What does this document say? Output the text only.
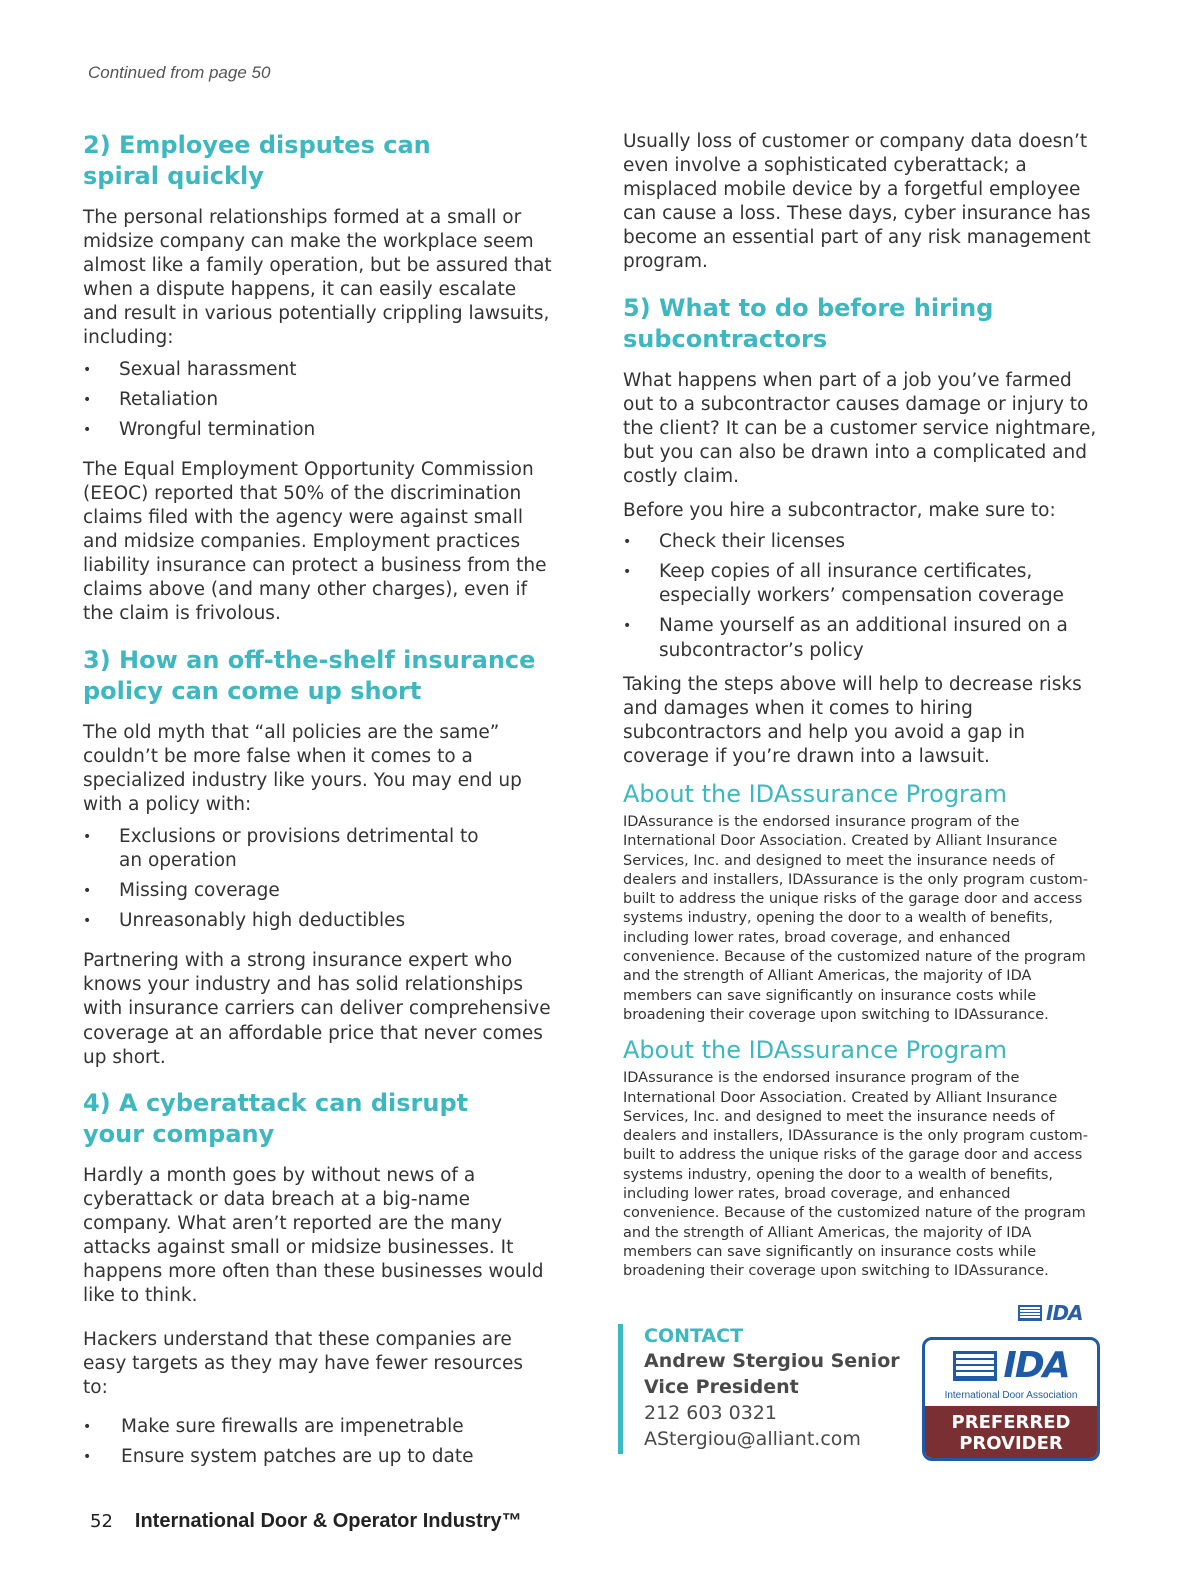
Continued from page 50
2) Employee disputes can
spiral quickly

The personal relationships formed at a small or midsize company can make the workplace seem almost like a family operation, but be assured that when a dispute happens, it can easily escalate and result in various potentially crippling lawsuits, including:

• Sexual harassment
• Retaliation
• Wrongful termination

The Equal Employment Opportunity Commission (EEOC) reported that 50% of the discrimination claims filed with the agency were against small and midsize companies. Employment practices liability insurance can protect a business from the claims above (and many other charges), even if the claim is frivolous.

3) How an off-the-shelf insurance
policy can come up short

The old myth that “all policies are the same” couldn’t be more false when it comes to a specialized industry like yours. You may end up with a policy with:

• Exclusions or provisions detrimental to an operation
• Missing coverage
• Unreasonably high deductibles

Partnering with a strong insurance expert who knows your industry and has solid relationships with insurance carriers can deliver comprehensive coverage at an affordable price that never comes up short.

4) A cyberattack can disrupt
your company

Hardly a month goes by without news of a cyberattack or data breach at a big-name company. What aren’t reported are the many attacks against small or midsize businesses. It happens more often than these businesses would like to think.

Hackers understand that these companies are easy targets as they may have fewer resources to:

• Make sure firewalls are impenetrable
• Ensure system patches are up to date

Usually loss of customer or company data doesn’t even involve a sophisticated cyberattack; a misplaced mobile device by a forgetful employee can cause a loss. These days, cyber insurance has become an essential part of any risk management program.

5) What to do before hiring
subcontractors

What happens when part of a job you’ve farmed out to a subcontractor causes damage or injury to the client? It can be a customer service nightmare, but you can also be drawn into a complicated and costly claim.

Before you hire a subcontractor, make sure to:

• Check their licenses
• Keep copies of all insurance certificates, especially workers’ compensation coverage
• Name yourself as an additional insured on a subcontractor’s policy

Taking the steps above will help to decrease risks and damages when it comes to hiring subcontractors and help you avoid a gap in coverage if you’re drawn into a lawsuit.

About the IDAssurance Program

IDAssurance is the endorsed insurance program of the International Door Association. Created by Alliant Insurance Services, Inc. and designed to meet the insurance needs of dealers and installers, IDAssurance is the only program custom-built to address the unique risks of the garage door and access systems industry, opening the door to a wealth of benefits, including lower rates, broad coverage, and enhanced convenience. Because of the customized nature of the program and the strength of Alliant Americas, the majority of IDA members can save significantly on insurance costs while broadening their coverage upon switching to IDAssurance.

About the IDAssurance Program

IDAssurance is the endorsed insurance program of the International Door Association. Created by Alliant Insurance Services, Inc. and designed to meet the insurance needs of dealers and installers, IDAssurance is the only program custom-built to address the unique risks of the garage door and access systems industry, opening the door to a wealth of benefits, including lower rates, broad coverage, and enhanced convenience. Because of the customized nature of the program and the strength of Alliant Americas, the majority of IDA members can save significantly on insurance costs while broadening their coverage upon switching to IDAssurance.

CONTACT
Andrew Stergiou Senior
Vice President
212 603 0321
AStergiou@alliant.com
IDA
IDA
International Door Association
PREFERRED
PROVIDER
52 International Door & Operator Industry™
